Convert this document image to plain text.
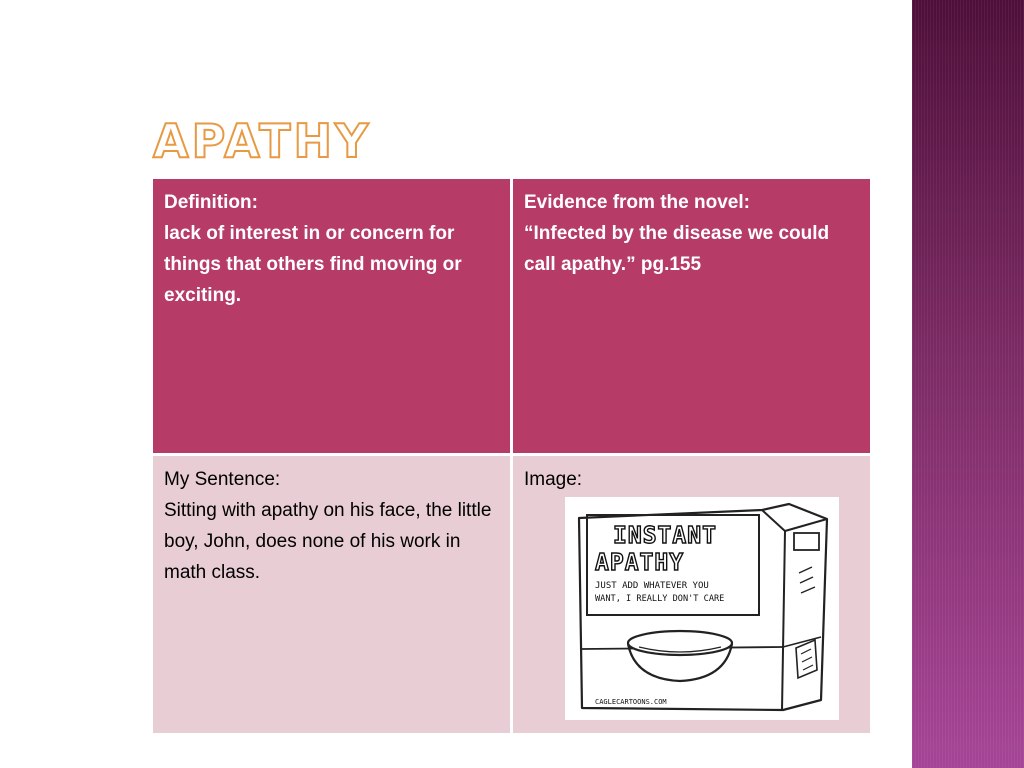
APATHY

Definition:

lack of interest in or concern for things that others find moving or exciting.

Evidence from the novel:

“Infected by the disease we could call apathy.” pg.155

My Sentence:

Sitting with apathy on his face, the little boy, John, does none of his work in math class.

Image:

INSTANT
APATHY
JUST ADD WHATEVER YOU
WANT, I REALLY DON'T CARE
CAGLECARTOONS.COM
